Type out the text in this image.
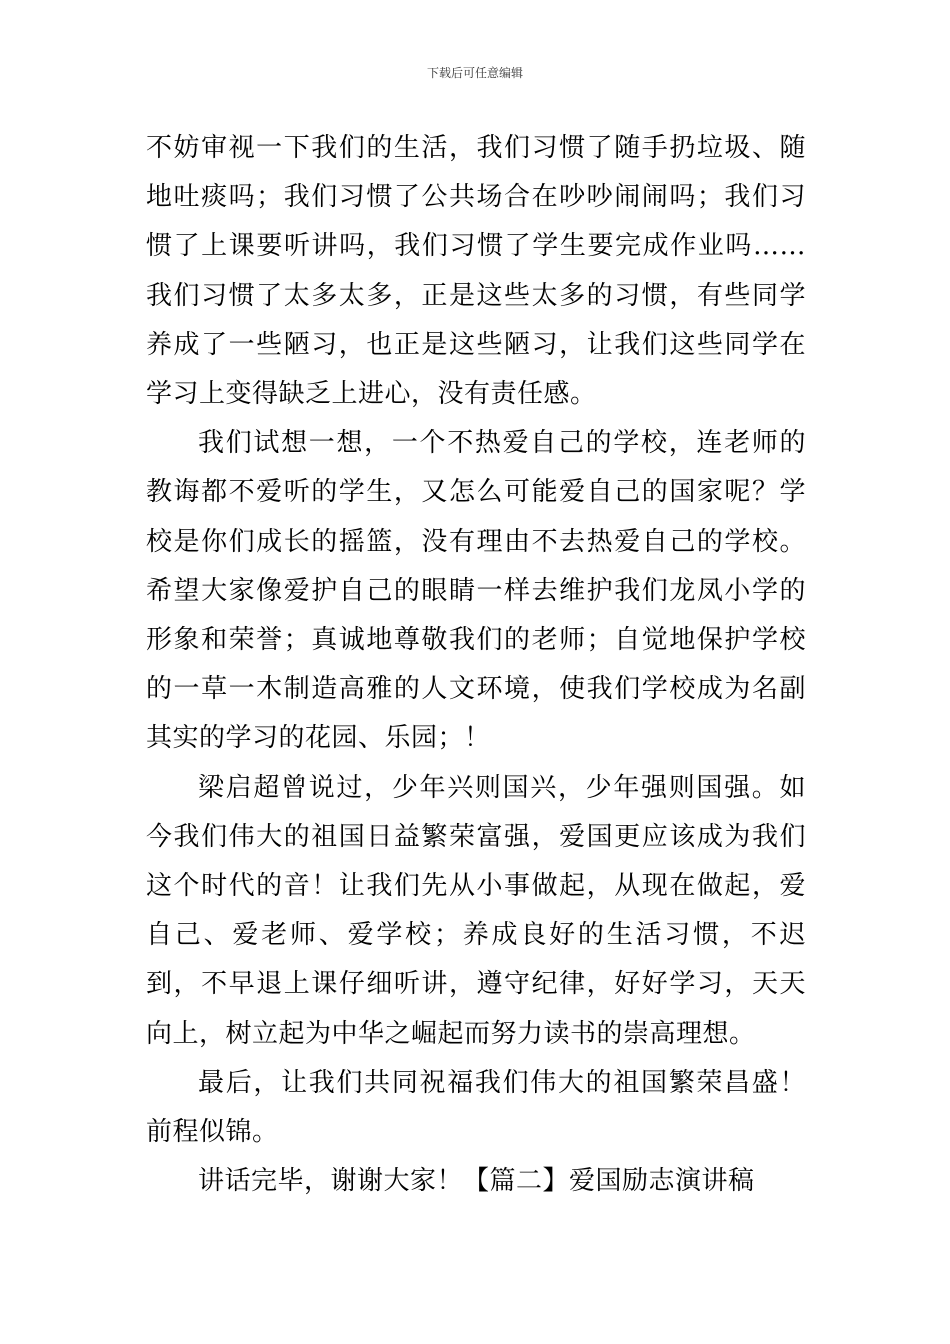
下载后可任意编辑

不妨审视一下我们的生活，我们习惯了随手扔垃圾、随地吐痰吗；我们习惯了公共场合在吵吵闹闹吗；我们习惯了上课要听讲吗，我们习惯了学生要完成作业吗……我们习惯了太多太多，正是这些太多的习惯，有些同学养成了一些陋习，也正是这些陋习，让我们这些同学在学习上变得缺乏上进心，没有责任感。

我们试想一想，一个不热爱自己的学校，连老师的教诲都不爱听的学生，又怎么可能爱自己的国家呢？学校是你们成长的摇篮，没有理由不去热爱自己的学校。希望大家像爱护自己的眼睛一样去维护我们龙凤小学的形象和荣誉；真诚地尊敬我们的老师；自觉地保护学校的一草一木制造高雅的人文环境，使我们学校成为名副其实的学习的花园、乐园；！

梁启超曾说过，少年兴则国兴，少年强则国强。如今我们伟大的祖国日益繁荣富强，爱国更应该成为我们这个时代的音！让我们先从小事做起，从现在做起，爱自己、爱老师、爱学校；养成良好的生活习惯，不迟到，不早退上课仔细听讲，遵守纪律，好好学习，天天向上，树立起为中华之崛起而努力读书的崇高理想。

最后，让我们共同祝福我们伟大的祖国繁荣昌盛！前程似锦。

讲话完毕，谢谢大家！【篇二】爱国励志演讲稿
